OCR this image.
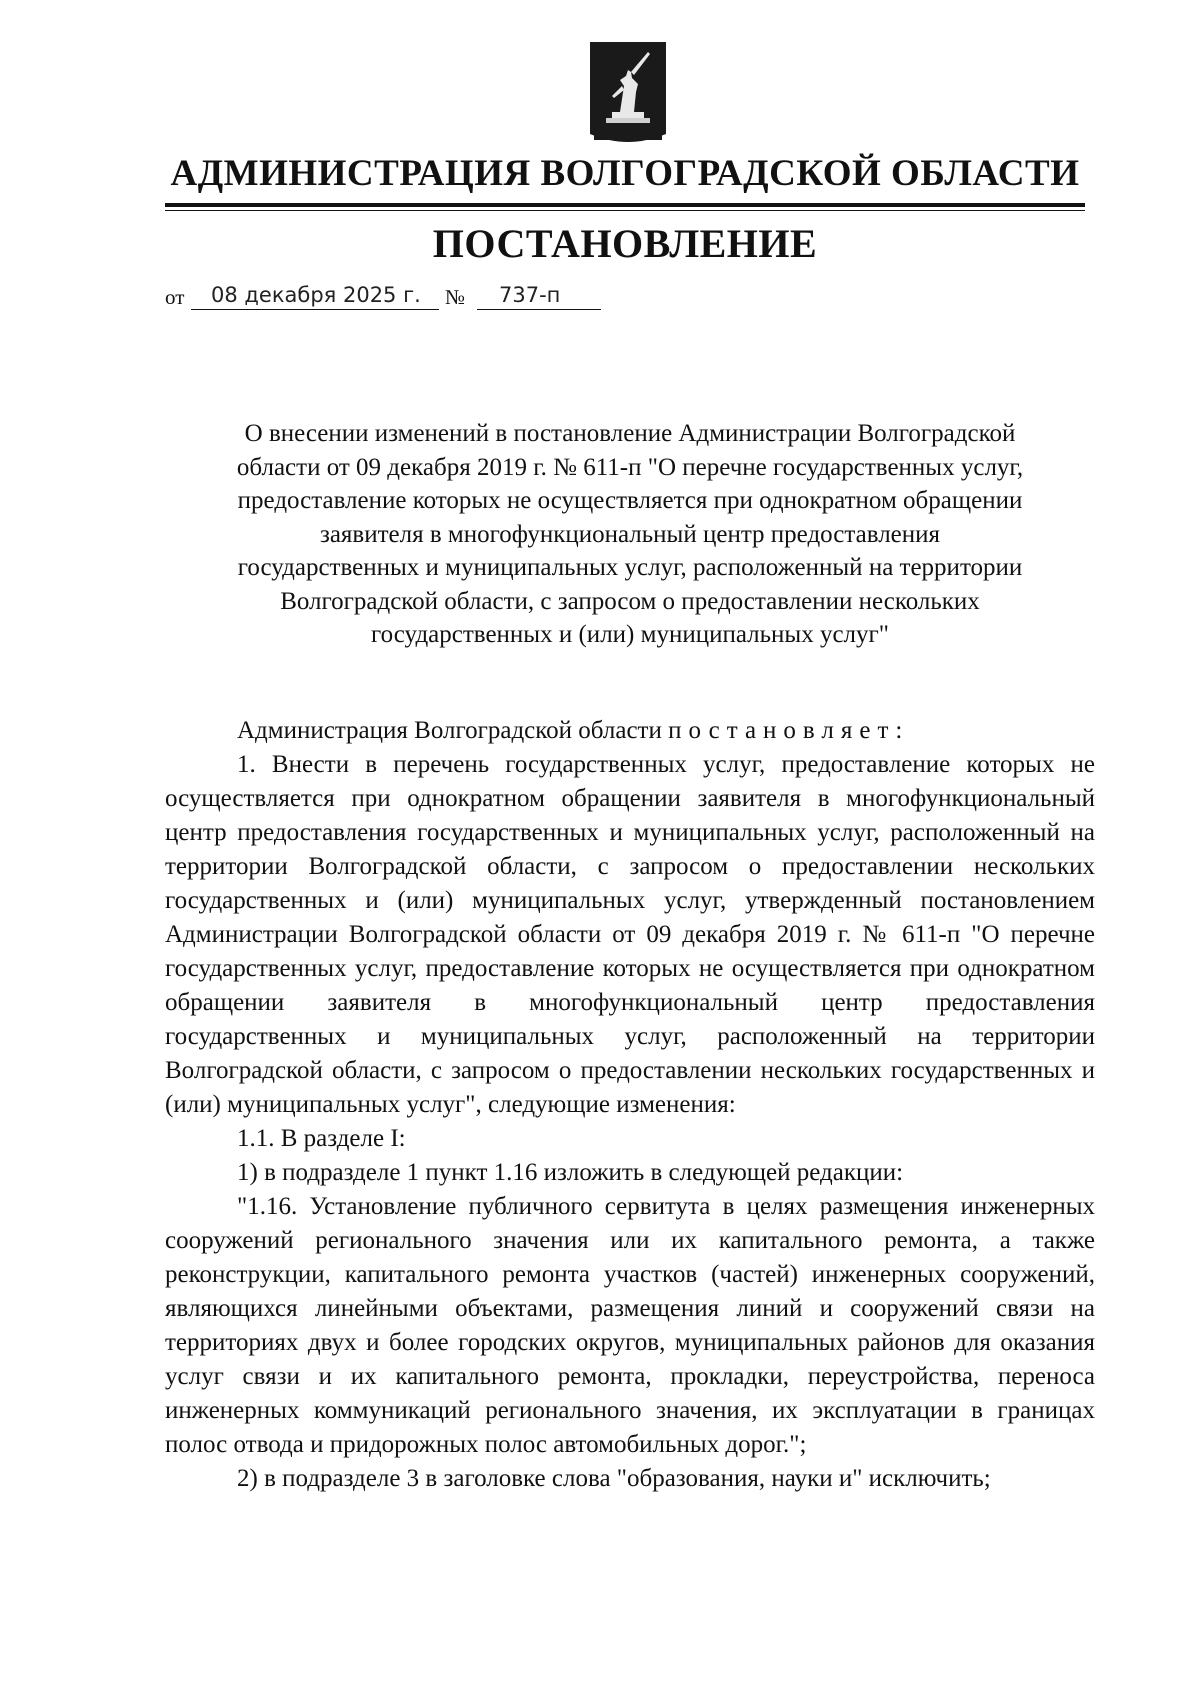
АДМИНИСТРАЦИЯ ВОЛГОГРАДСКОЙ ОБЛАСТИ
ПОСТАНОВЛЕНИЕ
от 08 декабря 2025 г. № 737-п
О внесении изменений в постановление Администрации Волгоградской
области от 09 декабря 2019 г. № 611-п "О перечне государственных услуг,
предоставление которых не осуществляется при однократном обращении
заявителя в многофункциональный центр предоставления
государственных и муниципальных услуг, расположенный на территории
Волгоградской области, с запросом о предоставлении нескольких
государственных и (или) муниципальных услуг"

Администрация Волгоградской области постановляет:

1. Внести в перечень государственных услуг, предоставление которых не осуществляется при однократном обращении заявителя в многофункциональный центр предоставления государственных и муниципальных услуг, расположенный на территории Волгоградской области, с запросом о предоставлении нескольких государственных и (или) муниципальных услуг, утвержденный постановлением Администрации Волгоградской области от 09 декабря 2019 г. № 611-п "О перечне государственных услуг, предоставление которых не осуществляется при однократном обращении заявителя в многофункциональный центр предоставления государственных и муниципальных услуг, расположенный на территории Волгоградской области, с запросом о предоставлении нескольких государственных и (или) муниципальных услуг", следующие изменения:

1.1. В разделе I:

1) в подразделе 1 пункт 1.16 изложить в следующей редакции:

"1.16. Установление публичного сервитута в целях размещения инженерных сооружений регионального значения или их капитального ремонта, а также реконструкции, капитального ремонта участков (частей) инженерных сооружений, являющихся линейными объектами, размещения линий и сооружений связи на территориях двух и более городских округов, муниципальных районов для оказания услуг связи и их капитального ремонта, прокладки, переустройства, переноса инженерных коммуникаций регионального значения, их эксплуатации в границах полос отвода и придорожных полос автомобильных дорог.";

2) в подразделе 3 в заголовке слова "образования, науки и" исключить;
